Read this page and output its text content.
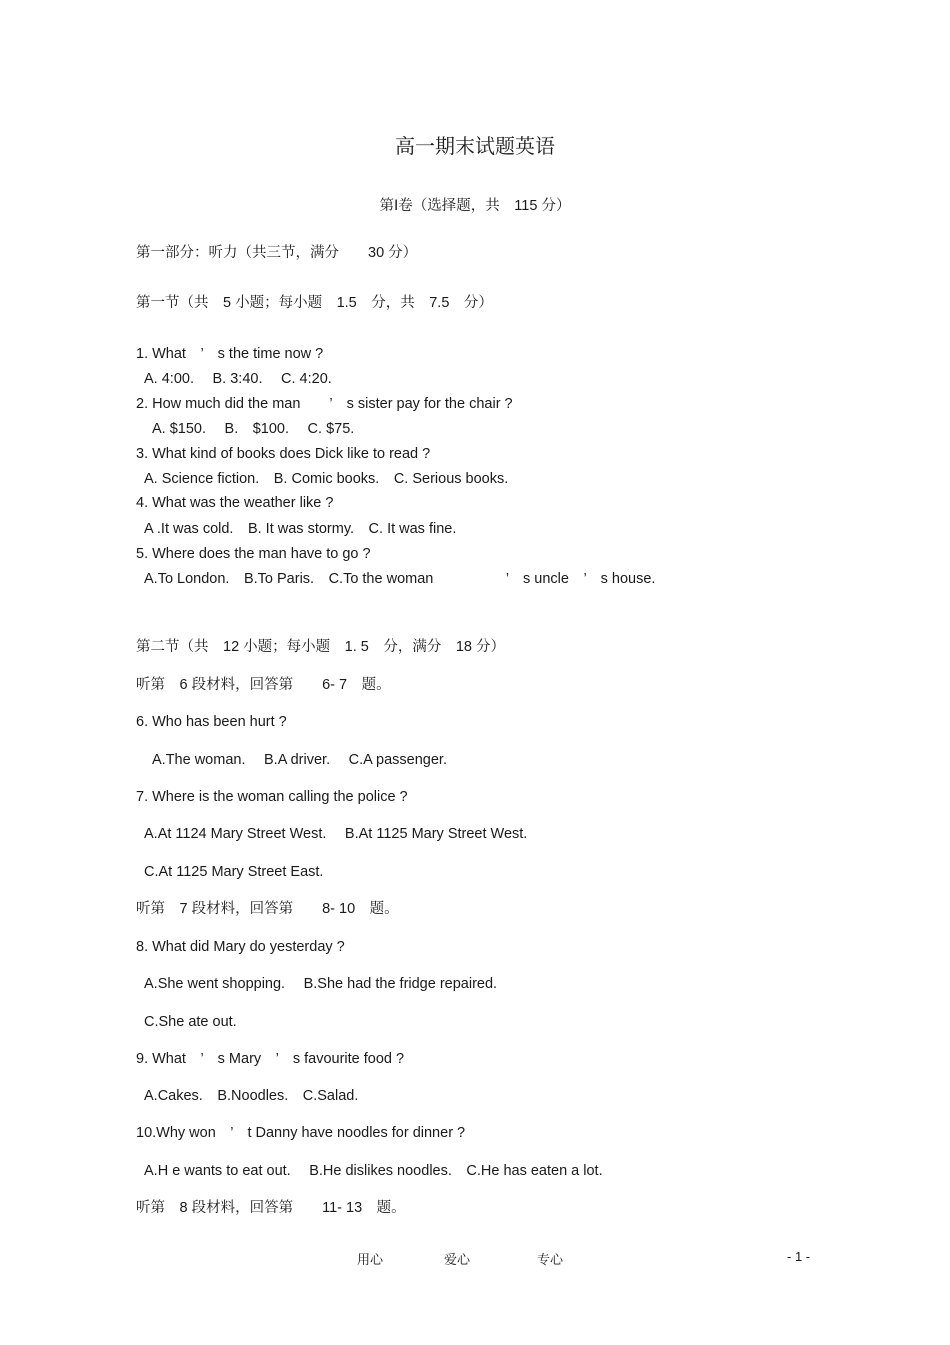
高一期末试题英语
第Ⅰ卷（选择题，共　115 分）
第一部分：听力（共三节，满分　　30 分）
第一节（共　5 小题；每小题　1.5　分，共　7.5　分）
1. What　’　s the time now ?
A. 4:00.　 B. 3:40.　 C. 4:20.
2. How much did the man　　’　s sister pay for the chair ?
A. $150.　 B.　$100.　 C. $75.
3. What kind of books does Dick like to read ?
A. Science fiction.　B. Comic books.　C. Serious books.
4. What was the weather like ?
A .It was cold.　B. It was stormy.　C. It was fine.
5. Where does the man have to go ?
A.To London.　B.To Paris.　C.To the woman　　　　　’　s uncle　’　s house.
第二节（共　12 小题；每小题　1. 5　分，满分　18 分）
听第　6 段材料，回答第　　6- 7　题。
6. Who has been hurt ?
A.The woman.　 B.A driver.　 C.A passenger.
7. Where is the woman calling the police ?
A.At 1124 Mary Street West.　 B.At 1125 Mary Street West.
C.At 1125 Mary Street East.
听第　7 段材料，回答第　　8- 10　题。
8. What did Mary do yesterday ?
A.She went shopping.　 B.She had the fridge repaired.
C.She ate out.
9. What　’　s Mary　’　s favourite food ?
A.Cakes.　B.Noodles.　C.Salad.
10.Why won　’　t Danny have noodles for dinner ?
A.H e wants to eat out.　 B.He dislikes noodles.　C.He has eaten a lot.
听第　8 段材料，回答第　　11- 13　题。
用心	爱心	专心	- 1 -
